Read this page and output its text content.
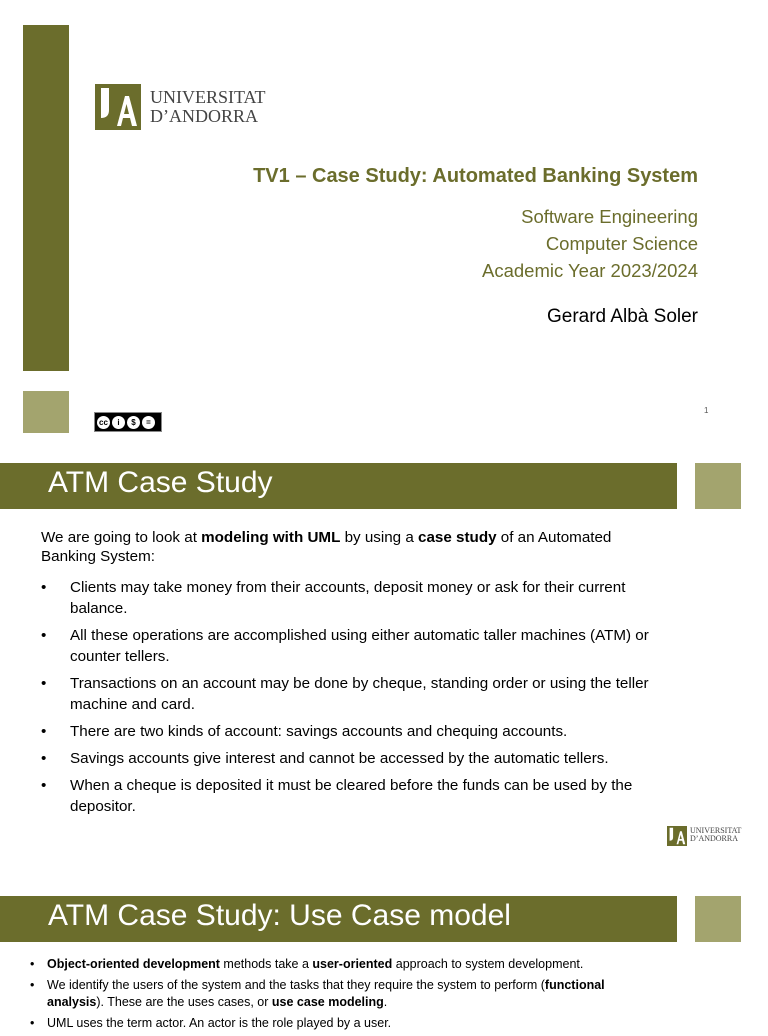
UNIVERSITAT
D’ANDORRA
TV1 – Case Study: Automated Banking System
Software Engineering
Computer Science
Academic Year 2023/2024
Gerard Albà Soler
cc	i	$	=
1
ATM Case Study
We are going to look at modeling with UML by using a case study of an Automated Banking System:
• Clients may take money from their accounts, deposit money or ask for their current balance.
• All these operations are accomplished using either automatic taller machines (ATM) or counter tellers.
• Transactions on an account may be done by cheque, standing order or using the teller machine and card.
• There are two kinds of account: savings accounts and chequing accounts.
• Savings accounts give interest and cannot be accessed by the automatic tellers.
• When a cheque is deposited it must be cleared before the funds can be used by the depositor.
UNIVERSITAT
D’ANDORRA
ATM Case Study: Use Case model
• Object-oriented development methods take a user-oriented approach to system development.
• We identify the users of the system and the tasks that they require the system to perform (functional analysis). These are the uses cases, or use case modeling.
• UML uses the term actor. An actor is the role played by a user.
